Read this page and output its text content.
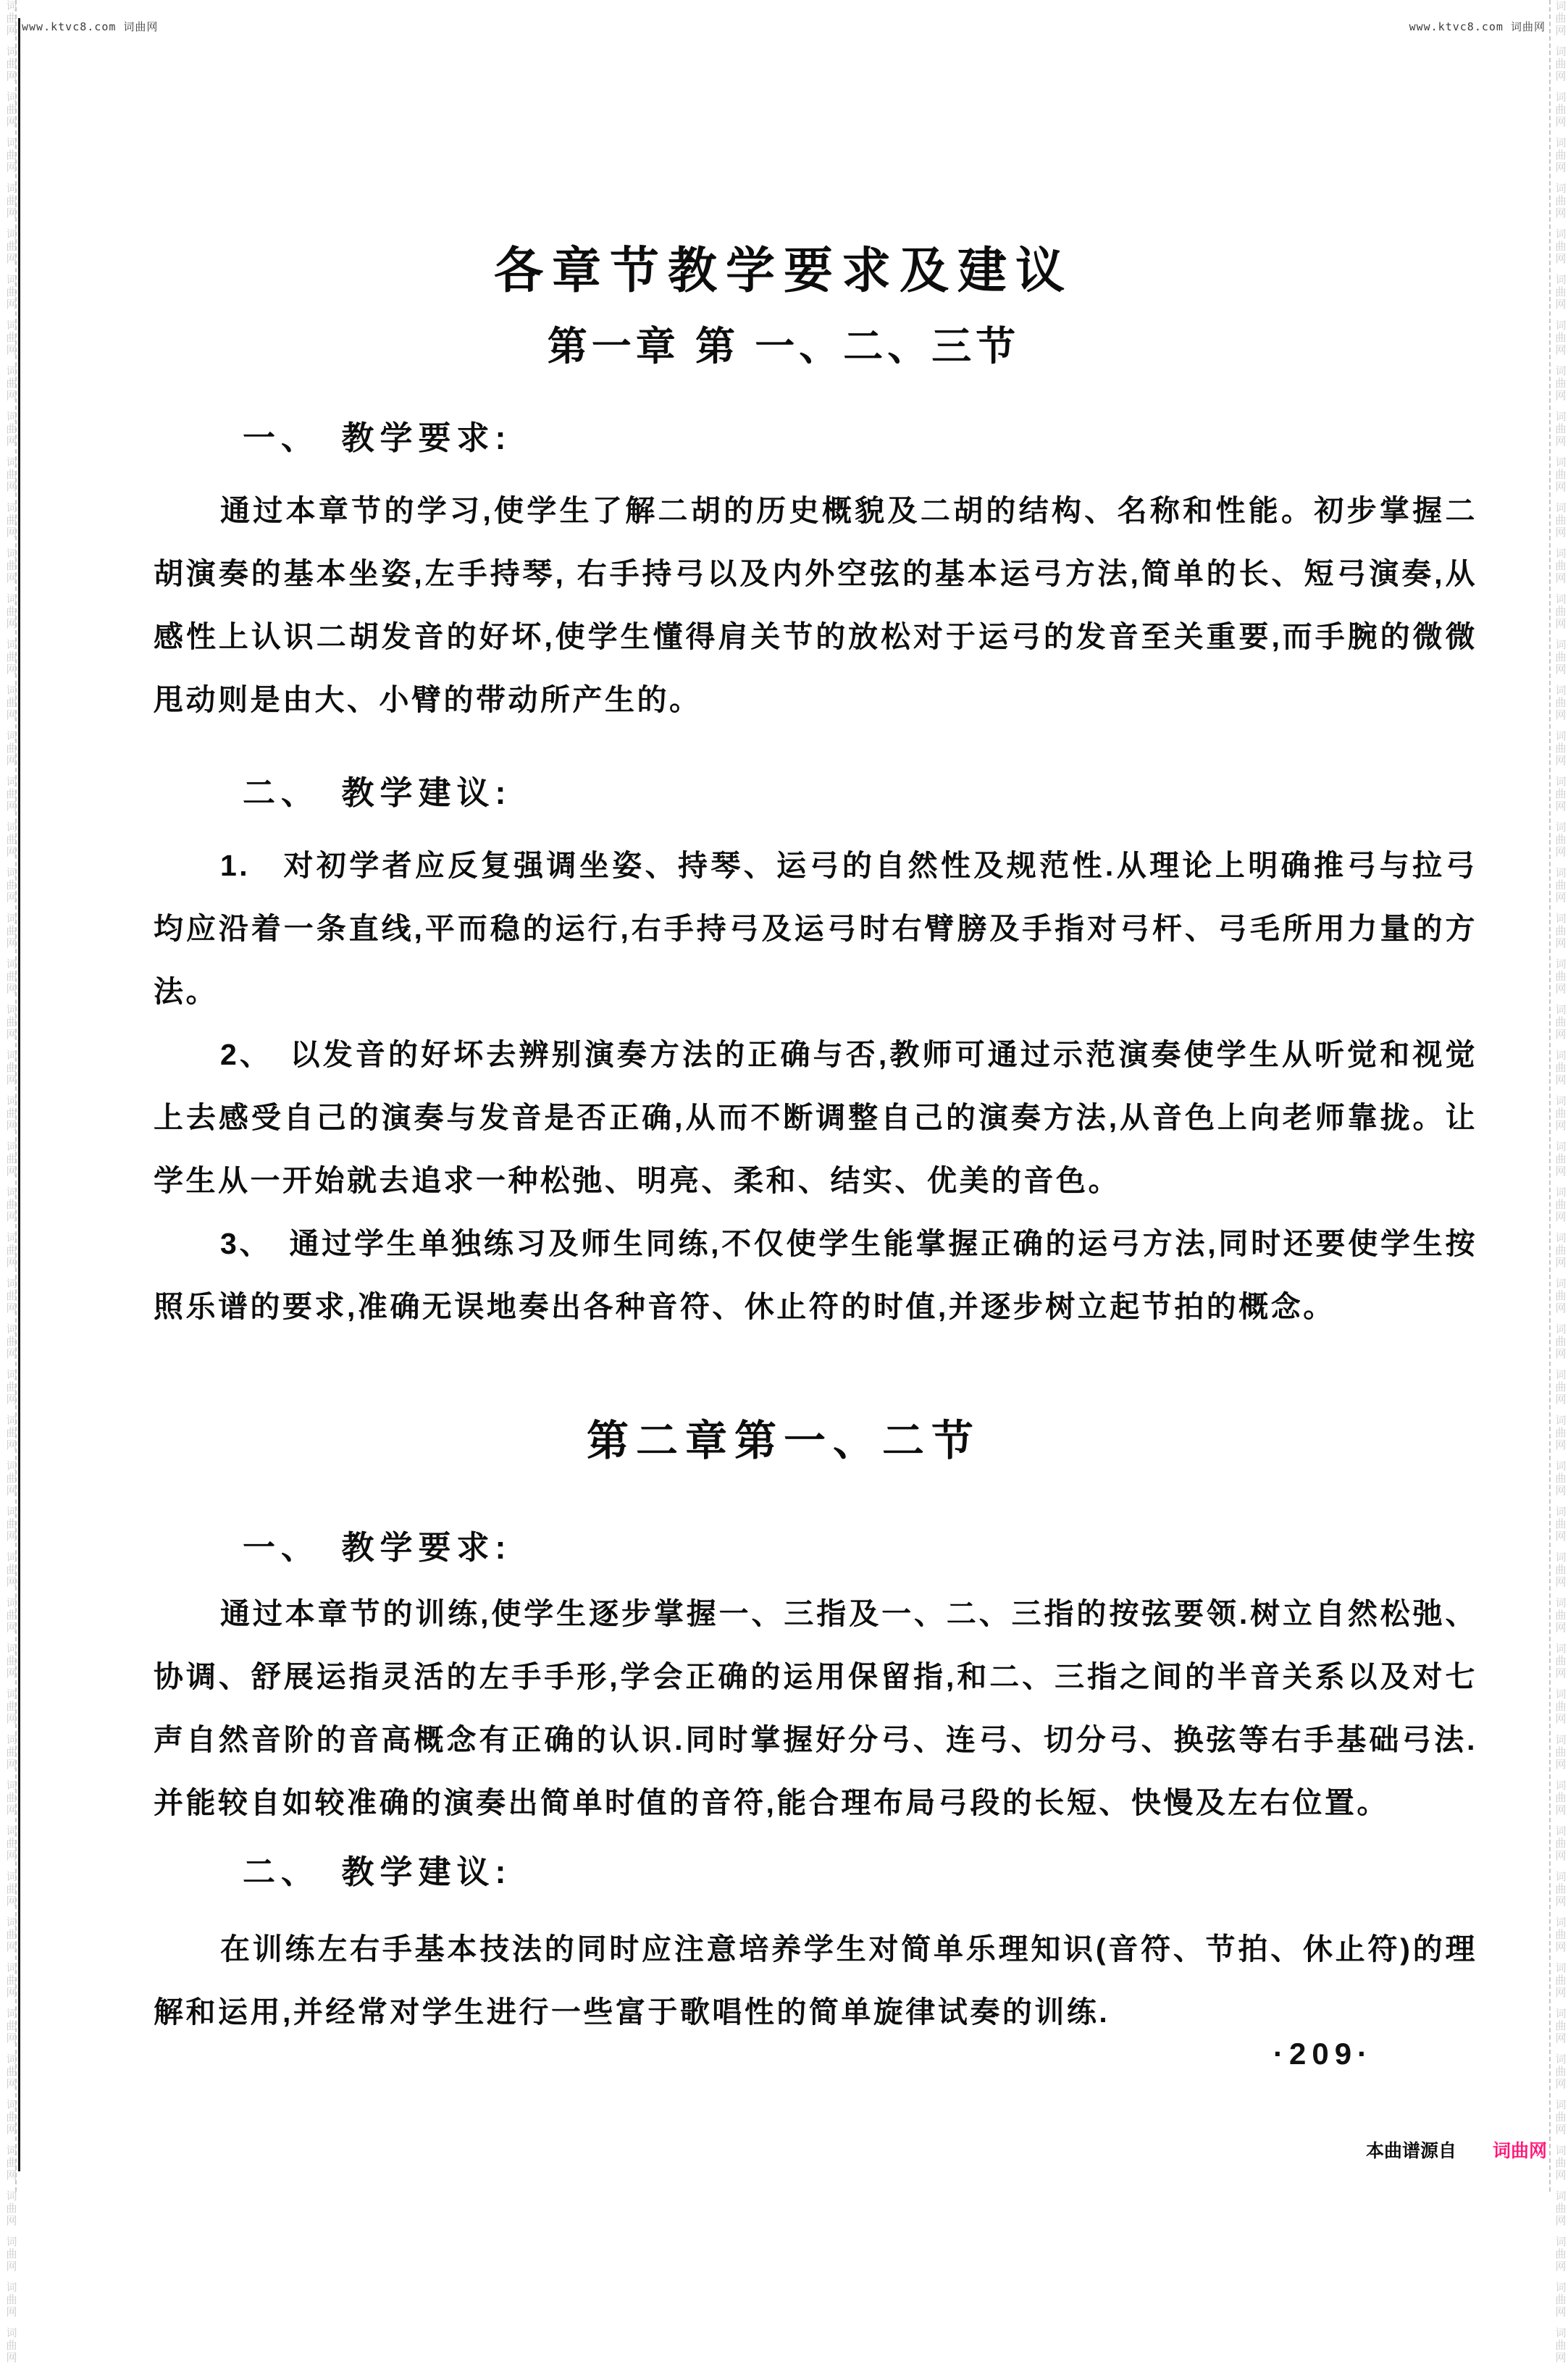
词
曲
网
词
曲
网
词
曲
网
词
曲
网
词
曲
网
词
曲
网
词
曲
网
词
曲
网
词
曲
网
词
曲
网
词
曲
网
词
曲
网
词
曲
网
词
曲
网
词
曲
网
词
曲
网
词
曲
网
词
曲
网
词
曲
网
词
曲
网
词
曲
网
词
曲
网
词
曲
网
词
曲
网
词
曲
网
词
曲
网
词
曲
网
词
曲
网
词
曲
网
词
曲
网
词
曲
网
词
曲
网
词
曲
网
词
曲
网
词
曲
网
词
曲
网
词
曲
网
词
曲
网
词
曲
网
词
曲
网
词
曲
网
词
曲
网
词
曲
网
词
曲
网
词
曲
网
词
曲
网
词
曲
网
词
曲
网
词
曲
网
词
曲
网
词
曲
网
词
曲
网
词
曲
网
词
曲
网
词
曲
网
词
曲
网
词
曲
网
词
曲
网
词
曲
网
词
曲
网
词
曲
网
词
曲
网
词
曲
网
词
曲
网
词
曲
网
词
曲
网
词
曲
网
词
曲
网
词
曲
网
词
曲
网
词
曲
网
词
曲
网
词
曲
网
词
曲
网
词
曲
网
词
曲
网
词
曲
网
词
曲
网
词
曲
网
词
曲
网
词
曲
网
词
曲
网
词
曲
网
词
曲
网
词
曲
网
词
曲
网
词
曲
网
词
曲
网
词
曲
网
词
曲
网
词
曲
网
词
曲
网
词
曲
网
词
曲
网
词
曲
网
词
曲
网
词
曲
网
词
曲
网
词
曲
网
词
曲
网
词
曲
网
词
曲
网
词
曲
网
词
曲
网
www.ktvc8.com 词曲网	www.ktvc8.com 词曲网
各章节教学要求及建议
第一章 第 一、二、三节
一、　教学要求:

通过本章节的学习,使学生了解二胡的历史概貌及二胡的结构、名称和性能。初步掌握二胡演奏的基本坐姿,左手持琴, 右手持弓以及内外空弦的基本运弓方法,简单的长、短弓演奏,从感性上认识二胡发音的好坏,使学生懂得肩关节的放松对于运弓的发音至关重要,而手腕的微微甩动则是由大、小臂的带动所产生的。

二、　教学建议:

1.　对初学者应反复强调坐姿、持琴、运弓的自然性及规范性.从理论上明确推弓与拉弓均应沿着一条直线,平而稳的运行,右手持弓及运弓时右臂膀及手指对弓杆、弓毛所用力量的方法。

2、　以发音的好坏去辨别演奏方法的正确与否,教师可通过示范演奏使学生从听觉和视觉上去感受自己的演奏与发音是否正确,从而不断调整自己的演奏方法,从音色上向老师靠拢。让学生从一开始就去追求一种松弛、明亮、柔和、结实、优美的音色。

3、　通过学生单独练习及师生同练,不仅使学生能掌握正确的运弓方法,同时还要使学生按照乐谱的要求,准确无误地奏出各种音符、休止符的时值,并逐步树立起节拍的概念。

第二章第一、二节
一、　教学要求:

通过本章节的训练,使学生逐步掌握一、三指及一、二、三指的按弦要领.树立自然松弛、协调、舒展运指灵活的左手手形,学会正确的运用保留指,和二、三指之间的半音关系以及对七声自然音阶的音高概念有正确的认识.同时掌握好分弓、连弓、切分弓、换弦等右手基础弓法.并能较自如较准确的演奏出简单时值的音符,能合理布局弓段的长短、快慢及左右位置。

二、　教学建议:

在训练左右手基本技法的同时应注意培养学生对简单乐理知识(音符、节拍、休止符)的理解和运用,并经常对学生进行一些富于歌唱性的简单旋律试奏的训练.

·209·
本曲谱源自 词曲网
